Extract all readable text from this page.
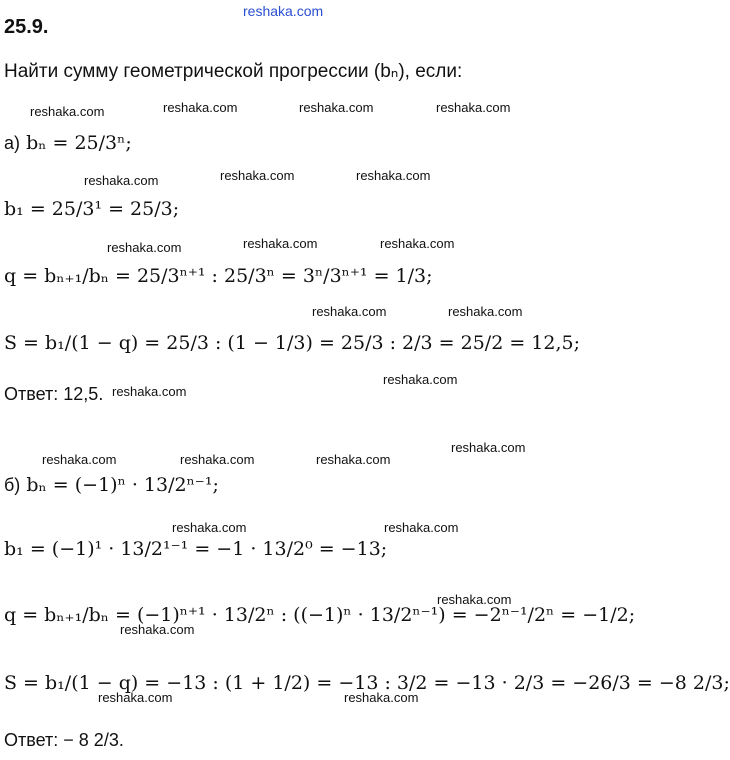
reshaka.com
reshaka.com	reshaka.com	reshaka.com	reshaka.com
reshaka.com	reshaka.com	reshaka.com
reshaka.com	reshaka.com	reshaka.com
reshaka.com	reshaka.com
reshaka.com
reshaka.com
reshaka.com
reshaka.com	reshaka.com	reshaka.com
reshaka.com	reshaka.com
reshaka.com
reshaka.com
reshaka.com
reshaka.com
25.9.
Найти сумму геометрической прогрессии (bₙ), если:
а) bₙ = 25/3ⁿ;
b₁ = 25/3¹ = 25/3;
q = bₙ₊₁/bₙ = 25/3ⁿ⁺¹ : 25/3ⁿ = 3ⁿ/3ⁿ⁺¹ = 1/3;
S = b₁/(1 − q) = 25/3 : (1 − 1/3) = 25/3 : 2/3 = 25/2 = 12,5;
Ответ: 12,5.
б) bₙ = (−1)ⁿ · 13/2ⁿ⁻¹;
b₁ = (−1)¹ · 13/2¹⁻¹ = −1 · 13/2⁰ = −13;
q = bₙ₊₁/bₙ = (−1)ⁿ⁺¹ · 13/2ⁿ : ((−1)ⁿ · 13/2ⁿ⁻¹) = −2ⁿ⁻¹/2ⁿ = −1/2;
S = b₁/(1 − q) = −13 : (1 + 1/2) = −13 : 3/2 = −13 · 2/3 = −26/3 = −8 2/3;
Ответ: − 8 2/3.
